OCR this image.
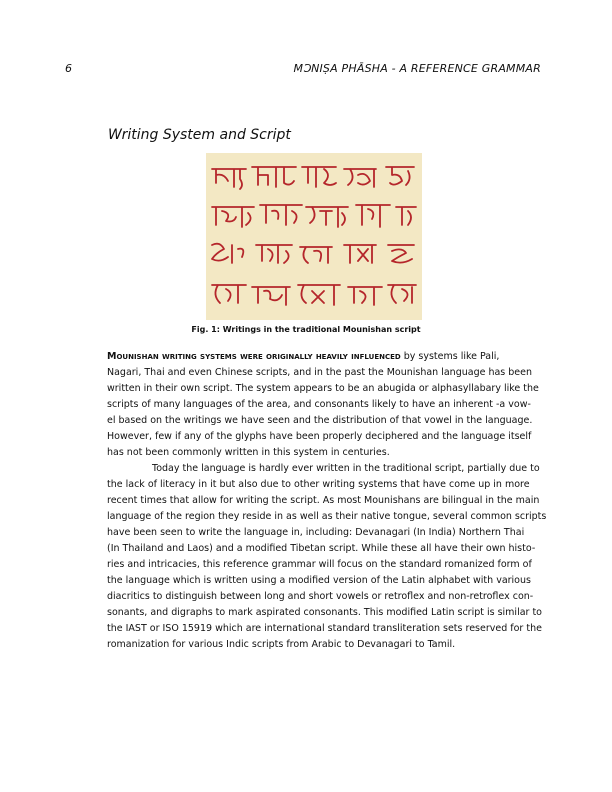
6	MƆNIṢA PHĀSHA - A REFERENCE GRAMMAR
Writing System and Script
Fig. 1: Writings in the traditional Mounishan script
Mounishan writing systems were originally heavily influenced by systems like Pali,
Nagari, Thai and even Chinese scripts, and in the past the Mounishan language has been
written in their own script. The system appears to be an abugida or alphasyllabary like the
scripts of many languages of the area, and consonants likely to have an inherent -a vow-
el based on the writings we have seen and the distribution of that vowel in the language.
However, few if any of the glyphs have been properly deciphered and the language itself
has not been commonly written in this system in centuries.
Today the language is hardly ever written in the traditional script, partially due to
the lack of literacy in it but also due to other writing systems that have come up in more
recent times that allow for writing the script. As most Mounishans are bilingual in the main
language of the region they reside in as well as their native tongue, several common scripts
have been seen to write the language in, including: Devanagari (In India) Northern Thai
(In Thailand and Laos) and a modified Tibetan script. While these all have their own histo-
ries and intricacies, this reference grammar will focus on the standard romanized form of
the language which is written using a modified version of the Latin alphabet with various
diacritics to distinguish between long and short vowels or retroflex and non-retroflex con-
sonants, and digraphs to mark aspirated consonants. This modified Latin script is similar to
the IAST or ISO 15919 which are international standard transliteration sets reserved for the
romanization for various Indic scripts from Arabic to Devanagari to Tamil.
